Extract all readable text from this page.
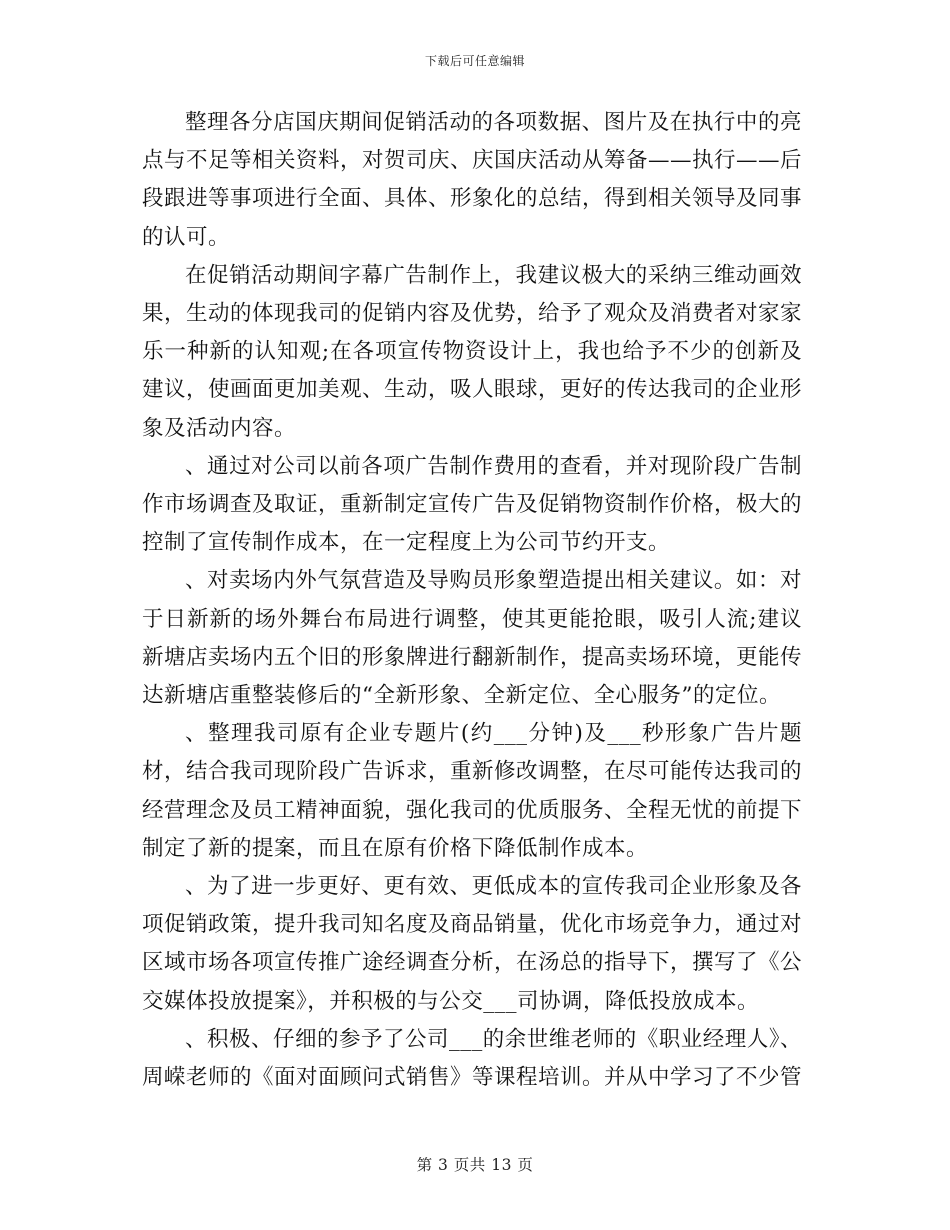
下载后可任意编辑

整理各分店国庆期间促销活动的各项数据、图片及在执行中的亮点与不足等相关资料，对贺司庆、庆国庆活动从筹备——执行——后段跟进等事项进行全面、具体、形象化的总结，得到相关领导及同事的认可。

在促销活动期间字幕广告制作上，我建议极大的采纳三维动画效果，生动的体现我司的促销内容及优势，给予了观众及消费者对家家乐一种新的认知观;在各项宣传物资设计上，我也给予不少的创新及建议，使画面更加美观、生动，吸人眼球，更好的传达我司的企业形象及活动内容。

、通过对公司以前各项广告制作费用的查看，并对现阶段广告制作市场调查及取证，重新制定宣传广告及促销物资制作价格，极大的控制了宣传制作成本，在一定程度上为公司节约开支。

、对卖场内外气氛营造及导购员形象塑造提出相关建议。如：对于日新新的场外舞台布局进行调整，使其更能抢眼，吸引人流;建议新塘店卖场内五个旧的形象牌进行翻新制作，提高卖场环境，更能传达新塘店重整装修后的“全新形象、全新定位、全心服务”的定位。

、整理我司原有企业专题片(约___分钟)及___秒形象广告片题材，结合我司现阶段广告诉求，重新修改调整，在尽可能传达我司的经营理念及员工精神面貌，强化我司的优质服务、全程无忧的前提下制定了新的提案，而且在原有价格下降低制作成本。

、为了进一步更好、更有效、更低成本的宣传我司企业形象及各项促销政策，提升我司知名度及商品销量，优化市场竞争力，通过对区域市场各项宣传推广途经调查分析，在汤总的指导下，撰写了《公交媒体投放提案》，并积极的与公交___司协调，降低投放成本。

、积极、仔细的参予了公司___的余世维老师的《职业经理人》、周嵘老师的《面对面顾问式销售》等课程培训。并从中学习了不少管

第 3 页共 13 页
